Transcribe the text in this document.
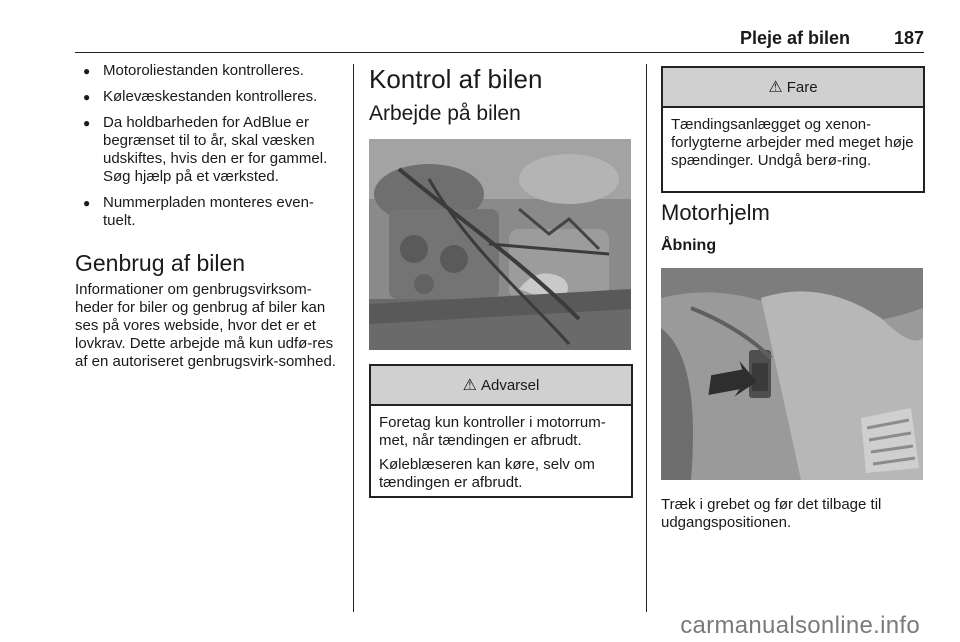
Pleje af bilen 187
● Motoroliestanden kontrolleres.
● Kølevæskestanden kontrolleres.
● Da holdbarheden for AdBlue er begrænset til to år, skal væsken udskiftes, hvis den er for gammel. Søg hjælp på et værksted.
● Nummerpladen monteres even-tuelt.
Genbrug af bilen

Informationer om genbrugsvirksom-heder for biler og genbrug af biler kan ses på vores webside, hvor det er et lovkrav. Dette arbejde må kun udfø-res af en autoriseret genbrugsvirk-somhed.

Kontrol af bilen
Arbejde på bilen
⚠ Advarsel

Foretag kun kontroller i motorrum-met, når tændingen er afbrudt.

Køleblæseren kan køre, selv om tændingen er afbrudt.

⚠ Fare

Tændingsanlægget og xenon-forlygterne arbejder med meget høje spændinger. Undgå berø-ring.

Motorhjelm
Åbning

Træk i grebet og før det tilbage til udgangspositionen.

carmanualsonline.info
